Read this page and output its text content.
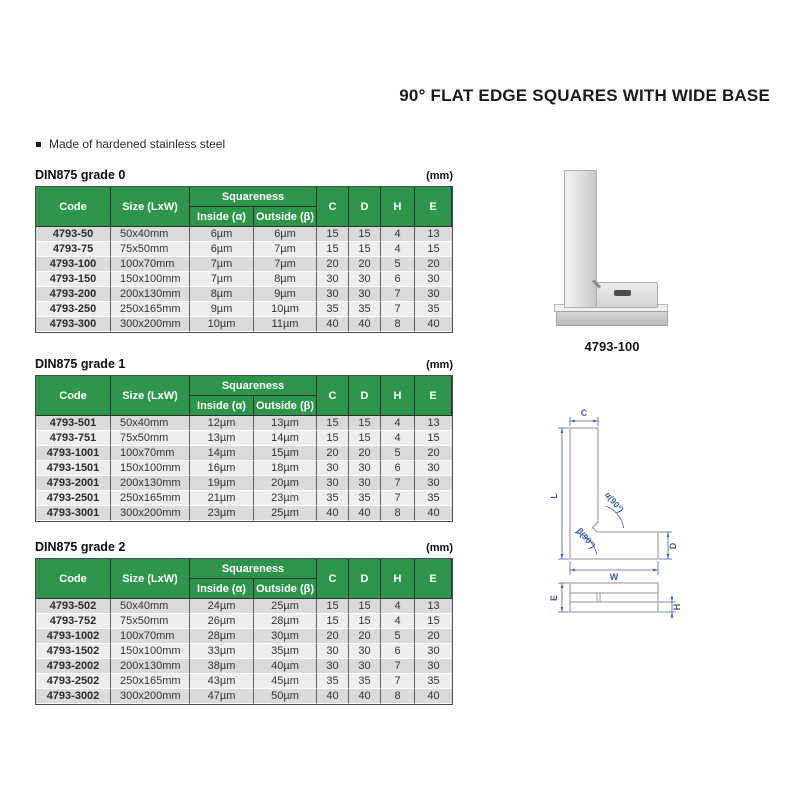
90° FLAT EDGE SQUARES WITH WIDE BASE
Made of hardened stainless steel
DIN875 grade 0	(mm)
Code	Size (LxW)	Squareness		C	D	H	E
		Inside (α)	Outside (β)				
4793-50	50x40mm	6µm	6µm	15	15	4	13
4793-75	75x50mm	6µm	7µm	15	15	4	15
4793-100	100x70mm	7µm	7µm	20	20	5	20
4793-150	150x100mm	7µm	8µm	30	30	6	30
4793-200	200x130mm	8µm	9µm	30	30	7	30
4793-250	250x165mm	9µm	10µm	35	35	7	35
4793-300	300x200mm	10µm	11µm	40	40	8	40
DIN875 grade 1	(mm)
Code	Size (LxW)	Squareness		C	D	H	E
		Inside (α)	Outside (β)				
4793-501	50x40mm	12µm	13µm	15	15	4	13
4793-751	75x50mm	13µm	14µm	15	15	4	15
4793-1001	100x70mm	14µm	15µm	20	20	5	20
4793-1501	150x100mm	16µm	18µm	30	30	6	30
4793-2001	200x130mm	19µm	20µm	30	30	7	30
4793-2501	250x165mm	21µm	23µm	35	35	7	35
4793-3001	300x200mm	23µm	25µm	40	40	8	40
DIN875 grade 2	(mm)
Code	Size (LxW)	Squareness		C	D	H	E
		Inside (α)	Outside (β)				
4793-502	50x40mm	24µm	25µm	15	15	4	13
4793-752	75x50mm	26µm	28µm	15	15	4	15
4793-1002	100x70mm	28µm	30µm	20	20	5	20
4793-1502	150x100mm	33µm	35µm	30	30	6	30
4793-2002	200x130mm	38µm	40µm	30	30	7	30
4793-2502	250x165mm	43µm	45µm	35	35	7	35
4793-3002	300x200mm	47µm	50µm	40	40	8	40
4793-100
C
L	α(90°)
β(90°)	D
W
E
H
